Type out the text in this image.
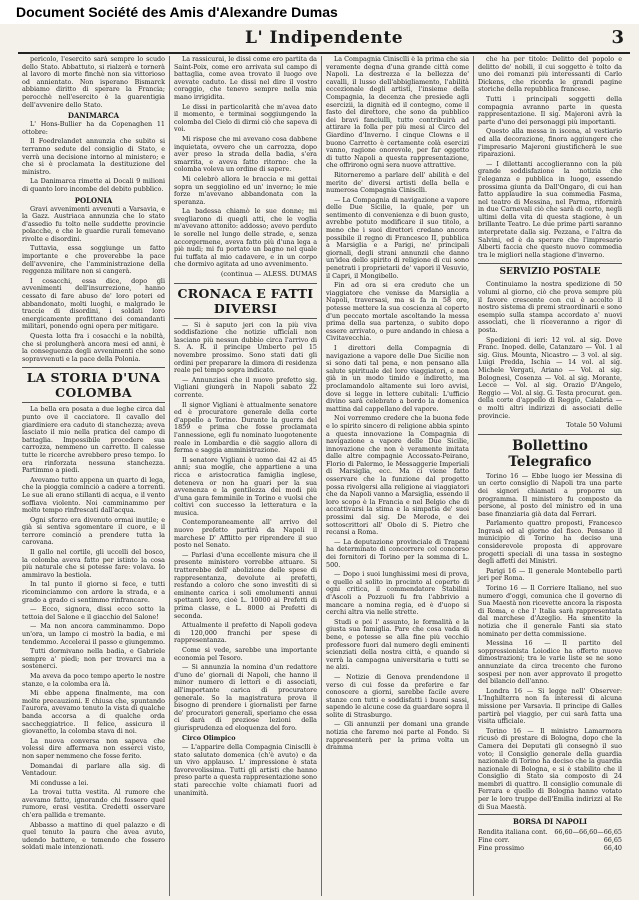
Document Société des Amis d'Alexandre Dumas
L' Indipendente	3

pericolo, l'esercito sarà sempre lo scudo dello Stato. Abbattuto, si rialzerà e tornerà al lavoro di morte finchè non sia vittorioso od annientato. Non isperano Bismarck abbiamo diritto di sperare la Francia; perocchè nell'esercito è la guarentigia dell'avvenire dello Stato.

DANIMARCA

L' Hons-Bullier ha da Copenaghen 11 ottobre:

Il Foedrelandet annunzia che subito si terranno sedute del consiglio di Stato, e verrà una decisione intorno al ministero; e che si è proclamata la destituzione del ministro.

La Danimarca rimette ai Docali 9 milioni di quanto loro incombe del debito pubblico.

POLONIA

Gravi avvenimenti avvenuti a Varsavia, e la Gazz. Austriaca annunzia che lo stato d'assedio fu tolto nelle suddette provincie polacche, e che le guardie rurali temevano rivolte e disordini.

Tuttavia, essa soggiunge un fatto importante e che proverebbe la pace dell'avvenire, che l'amministrazione della reggenza militare non si cangerà.

I cosacchi, essa dice, dopo gli avvenimenti dell'insurrezione, hanno cessato di fare abuso de' loro poteri ed abbandonato, molti luoghi, e malgrado le traccie di disordini, i soldati loro energicamente profittano dei comandanti militari, ponendo ogni opera per mitigare.

Questa lotta fra i cosacchi e la nobiltà, che si prolungherà ancora mesi ed anni, è la conseguenza degli avvenimenti che sono sopravvenuti e la pace della Polonia.

LA STORIA D'UNA COLOMBA

La bella era posata a due leghe circa dal punto ove il cacciatore. Il cavallo del giardiniere era caduto di stanchezza; aveva lasciato il mio nella pratica del campo di battaglia. Impossibile procedere sua carrozza, nemmeno un carretto. Il calesse tutte le ricerche avrebbero preso tempo. Io era rinforzata nessuna stanchezza. Partimmo a piedi.

Avevamo tutto appena un quarto di lega, che la pioggia cominciò a cadere a torrenti. Le sue ali erano stillanti di acqua, e il vento soffiava violento. Noi camminammo per molto tempo rinfrescati dall'acqua.

Ogni sforzo era divenuto ormai inutile; e già si sentiva sgomentare il cuore, e il terrore cominciò a prendere tutta la carovana.

Il gallo nel cortile, gli uccelli del bosco, la colomba aveva fatto per istinto la cosa più naturale che si potesse fare: volava. Io ammiravo la bestiola.

In tal punto il giorno si fece, e tutti ricominciammo con ardore la strada, e a grado a grado ci sentimmo rinfrancare.

— Ecco, signora, dissi ecco sotto la tettoia del Salone e il giacchio del Salone!

— Ma non ancora camminammo. Dopo un'ora, un lampo ci mostrò la badia, e mi tendemmo. Accelerai il passo e giungemmo.

Tutti dormivano nella badia, e Gabriele sempre a' piedi; non per trovarci ma a sostenerci.

Ma aveva da poco tempo aperto le nostre stanze, e la colomba era là.

Mi ebbe appena finalmente, ma con molte precauzioni. E chiusa che, spuntando l'aurora, avevamo tenuto la vista di qualche banda accorsa a di qualche orda saccheggiatrice. Il felice, assicura il giovanetto, la colomba stava di noi.

La nuova conversa non sapeva che volessi dire affermava non esserci visto, non saper nemmeno che fosse ferito.

Domandai di parlare alla sig. di Ventadour.

Mi condusse a lei.

La trovai tutta vestita. Al rumore che avevamo fatto, ignorando chi fossero quel rumore, erasi vestita. Credetti osservare ch'era pallida e tremante.

Abbasso a mattino di quel palazzo e di quel tenuto la paura che avea avuto, udendo battere, e temendo che fossero soldati male intenzionati.

La rassicurai, le dissi come ero partita da Saint-Poix, come ero arrivata sul campo di battaglia, come avea trovato il luogo ove avevate caduto. Le dissi nel dire il vostro coraggio, che tenevo sempre nella mia mano irrigidita.

Le dissi in particolarità che m'avea dato il momento, e terminai soggiungendo la colomba del Cielo di dirmi ciò che sapeva di voi.

Mi rispose che mi avevano cosa dabbene inquietata, ovvero che un carrozza, dopo aver preso la strada della badia, s'era smarrita, e aveva fatto ritorno: che la colomba voleva un ordine di sapere.

Mi celebrò allora le braccia e mi gettai sopra un seggiolino ed un' inverno; le mie forze m'avevano abbandonata con la speranza.

La badessa chiamò le sue donne; mi svegliarono di quegli atti, che le voglia m'avevano attonito: addosso; avevo perduto le sorelle nel lungo delle strade, e, senza accorgermene, aveva fatto più d'una lega a piè nudi; mi fu portato un bagno nel quale fui tuffata al mio cadavere, e in un corpo che dormivo agitata ad uno avvenimento.

(continua — ALESS. DUMAS
CRONACA E FATTI DIVERSI

— Si è saputo jeri con la più viva soddisfazione che notizie ufficiali non lasciano più nessun dubbio circa l'arrivo di S. A. R. il principe Umberto pel 15 novembre prossimo. Sono stati dati gli ordini per preparare la dimora di residenza reale pel tempo sopra indicato.

— Annunziasi che il nuovo prefetto sig. Vigliani giungerà in Napoli sabato 22 corrente.

Il signor Vigliani è attualmente senatore ed è procuratore generale della corte d'appello a Torino. Durante la guerra del 1859 e prima che fosse proclamata l'annessione, egli fu nominato luogotenente reale in Lombardia e diè saggio allora di ferma e saggia amministrazione.

Il senatore Vigliani è uomo dai 42 ai 45 anni; sua moglie, che appartiene a una ricca e aristocratica famiglia inglese, deteneva or non ha guari per la sua avvenenza e la gentilezza dei modi più d'una gara femminile in Torino e vuolsi che coltivi con successo la letteratura e la musica.

Contemporaneamente all' arrivo del nuovo prefetto partirà da Napoli il marchese D' Afflitto per riprendere il suo posto nel Senato.

— Parlasi d'una eccellente misura che il presente ministero vorrebbe attuare. Si tratterebbe dell' abolizione delle spese di rappresentanza, devolute ai prefetti, restando a coloro che sono investiti di si eminente carica i soli emolumenti annui spettanti loro, cioè L. 10000 ai Prefetti di prima classe, e L. 8000 ai Prefetti di seconda.

Attualmente il prefetto di Napoli godeva di 120,000 franchi per spese di rappresentanza.

Come si vede, sarebbe una importante economia pel Tesoro.

— Si annunzia la nomina d'un redattore d'uno de' giornali di Napoli, che hanno il minor numero di lettori e di associati, all'importante carica di procuratore generale. So la magistratura prova il bisogno di prendere i giornalisti per farne de' procuratori generali, speriamo che essa ci darà di preziose lezioni della giurisprudenza ed eloquenza del foro.

Circo Olimpico

— L'apparire della Compagnia Cinisclli è stato salutato domenica (ch'è avuto) e da un vivo applauso. L' impressione è stata favorevolissima. Tutti gli artisti che hanno preso parte a questa rappresentazione sono stati parecchie volte chiamati fuori ad unanimità.

La Compagnia Cinisclli è la prima che sia veramente degna d'una grande città come Napoli. La destrezza e la bellezza de' cavalli, il lusso dell'abbigliamento, l'abilità eccezionale degli artisti, l'insieme della Compagnia, la decenza che presiede agli esercizii, la dignità ed il contegno, come il fasto del direttore, che sono da pubblico dei bravi fanciulli, tutto contribuirà ad attirare la folla per più mesi al Circo del Giardino d'Inverno. I cinque Clowns e il buono Carretto è certamente colà esercizi vanno, ragione onorevole, per far oggetto di tutto Napoli a questa rappresentazione, che offrirono ogni sera nuove attrattive.

Ritorneremo a parlare dell' abilità e del merito de' diversi artisti della bella e numerosa Compagnia Cinisclli.

— La Compagnia di navigazione a vapore delle Due Sicilie, la quale, per un sentimento di convenienza e di buon gusto, avrebbe potuto modificare il suo titolo, a meno che i suoi direttori credano ancora possibile il regno di Francesco II, pubblica a Marsiglia e a Parigi, ne' principali giornali, degli strani annunzii che danno un'idea dello spirito di religione di cui sono penetrati i proprietarii de' vapori il Vesuvio, il Capri, il Mongibello.

Fin ad ora si era creduto che un viaggiatore che venisse da Marsiglia a Napoli, traversasi, ma si fa in 58 ore, potesse mettere la sua coscienza al coperto d'un peccato mortale ascoltando la messa prima della sua partenza, o subito dopo essere arrivato, o pure andando in chiesa a Civitavecchia.

I direttori della Compagnia di navigazione a vapore delle Due Sicilie non si sono dati tal pena, e non pensano alla salute spirituale del loro viaggiatori, e non già in un modo timido e indiretto, ma proclamandolo altamente sui loro avvisi, dove si legge in lettere cubitali: L'ufficio divino sarà celebrato a bordo la domenica mattina dal cappellano del vapore.

Noi vorremmo credere che la buona fede e lo spirito sincero di religione abbia spinto a questa innovazione la Compagnia di navigazione a vapore delle Due Sicilie, innovazione che non è veramente imitata dalle altre compagnie Accossato-Peirano, Florio di Palermo, le Messaggerie Imperiali di Marsiglia, ecc. Ma ci viene fatto osservare che la funzione dal progetto possa rivolgersi alla religione ai viaggiatori che da Napoli vanno a Marsiglia, essendo il loro scopo è la Francia e nel Belgio che di accattivarsi la stima e la simpatia de' suoi prossimi dal sig. De Merode, e dei sottoscrittori all' Obolo di S. Pietro che recansi a Roma.

— La deputazione provinciale di Trapani ha determinato di concorrere col concorso dei fornitori di Torino per la somma di L. 500.

— Dopo i suoi lunghissimi mesi di prova, e quello al solito in procinto al coperto di ogni critica, il commendatore Stabilini d'Ascoli a Pozzuoli fu fra l'abbrivio a mancare a nomina regia, ed è d'uopo si cerchi altra via nelle strette.

Studi e poi l' assunto, le formalità e la giusta sua famiglia. Pare che cosa vada di bene, e potesse se alla fine più vecchio professore fuori dal numero degli eminenti scienziati della nostra città, e quando si verrà la campagna universitaria e tutti se ne alzi.

— Notizie di Genova prendendone il verso di cui fosse da preferire e far conoscere a giorni, sarebbe facile avere stanze con tutti e soddisfatti i buoni sassi, sapendo le alcune cose da guardare sopra il solite di Strasburgo.

— Gli annunzii per domani una grande notizia che faremo noi parte al Fondo. Si rappresenterà per la prima volta un dramma

che ha per titolo: Delitto del popolo e delitto de' nobili, il cui soggetto è tolto da uno dei romanzi più interessanti di Carlo Dickens, che ricorda le grandi pagine storiche della repubblica francese.

Tutti i principali soggetti della compagnia avranno parte in questa rappresentazione. Il sig. Majeroni avrà la parte d'uno dei personaggi più importanti.

Questo alla messa in iscena, al vestiario ed alla decorazione, finora aggiungere che l'impresario Majeroni giustificherà le sue riparazioni.

— I dilettanti accoglieranno con la più grande soddisfazione la notizia che l'eleganza e pubblica in luogo, essendo prossima giunta da Dall'Ongaro, di cui han fatto applaudire la sua commedia Fasma, nel teatro di Messina, nel Parma, rifornirà in due Carnevali ciò che sarà di certo, negli ultimi della vita di questa stagione, è un brillante Teatro. Le due prime parti saranno interpretate dalla sig. Pezzana, e l'altra da Salvini, ed è da sperare che l'impresario Alberti faccia che questo nuovo commedia tra le migliori nella stagione d'inverno.

SERVIZIO POSTALE

Continuiamo la nostra spedizione di 50 volumi al giorno, ciò che prova sempre più il favore crescente con cui è accolto il nostro sistema di premi straordinarii e sono esempio sulla stampa accordato a' nuovi associati, che li riceveranno a rigor di posta.

Spedizioni di ieri: 12 vol. al sig. Dove Franc. Inoped. delle, Catanzaro — Vol. 1 al sig. Gius. Mounta, Nicastro — 3 vol. al sig. Luigi Predda, Ischia — 14 vol. al sig. Michele Vergati, Ariano — Vol. al sig. Bolognesi, Cosenza — Vol. al sig. Morante, Lecce — Vol. al sig. Orazio D'Angelo, Reggio — Vol. al sig. G. Testa procurat. gen. della corte d'appello di Reggio, Calabria — e molti altri indirizzi di associati delle provincie.

Totale 50 Volumi
Bollettino Telegrafico

Torino 16 — Ebbe luogo ier Messina di un certo consiglio di Napoli tra una parte dei signori chiamati a proporre un programma. Il ministero fu composto da persone, al posto del ministro ed in una base finanziaria già data dal Ferrari.

Parlamento quattro proposti, Francesco Ingrasà ed al giorno del fisco. Pensano il municipio di Torino ha deciso una considerevole proposta di approvare progetti speciali di una tassa in sostegno degli affetti dei Ministri.

Parigi 16 — Il generale Montebello partì jeri per Roma.

Torino 16 — Il Corriere Italiano, nel suo numero d'oggi, comunica che il governo di Sua Maestà non ricevette ancora la risposta di Roma, e che l' Italia sarà rappresentata dal marchese d'Azeglio. Ha smentito la notizia che il generale Fanti sia stato nominato per detta commissione.

Messina 16 — Il partito del soppressionista Loiodice ha offerto nuove dimostrazioni; tra le varie liste se ne sono annunziate da circa trecento che furono sospesi per non aver approvato il progetto del bilancio dell'anno.

Londra 16 — Si legge nell' Observer: L'Inghilterra non fa interessi di alcuna missione per Varsavia. Il principe di Galles partirà pel viaggio, per cui sarà fatta una visita ufficiale.

Torino 16 — Il ministro Lamarmora ricusò di prestare di Bologna, dopo che la Camera dei Deputati gli consegnò il suo voto; il Consiglio generale della guardia nazionale di Torino ha deciso che la guardia nazionale di Bologna, e si è stabilito che il Consiglio di Stato sia composto di 24 membri di quattro. Il consiglio comunale di Ferrara e quello di Bologna hanno votato per le loro truppe dell'Emilia indirizzi al Re di Sua Maestà.

BORSA DI NAPOLI
Rendita italiana cont. 66,60—66,60—66,65
Fine corr.	66,65
Fine prossimo	66,40
